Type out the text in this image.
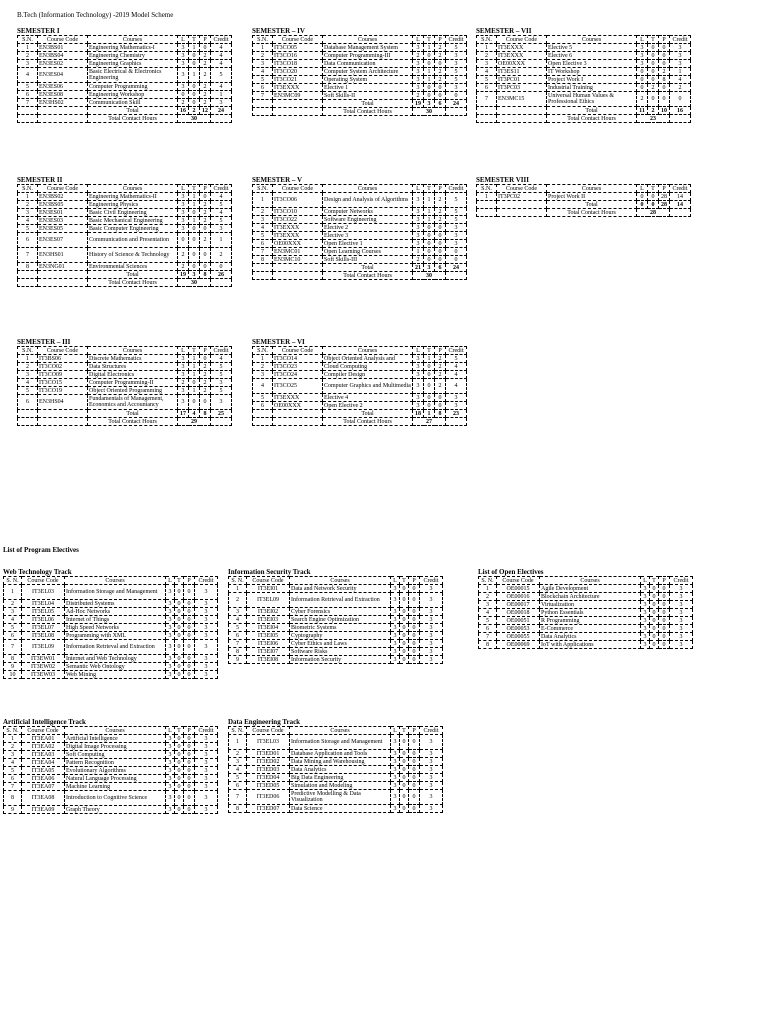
B.Tech (Information Technology) -2019 Model Scheme
SEMESTER I
S.N.	Course Code	Courses	L	T	P	Credit
1	EN3BS01	Engineering Mathematics-I	3	1	0	4
2	EN3BS04	Engineering Chemistry	3	0	2	4
3	EN3ES02	Engineering Graphics	3	0	2	4
4	EN3ES04	Basic Electrical & Electronics Engineering	3	1	2	5
5	EN3ES06	Computer Programming	3	0	2	4
6	EN3ES08	Engineering Workshop	0	0	2	1
7	EN3HS02	Communication Skill	2	0	2	3
		Total	16	2	12	24
		Total Contact Hours	30			
SEMESTER II
S.N.	Course Code	Courses	L	T	P	Credit
1	EN3BS02	Engineering Mathematics-II	3	1	0	4
2	EN3BS05	Engineering Physics	3	1	2	5
3	EN3ES01	Basic Civil Engineering	3	0	2	4
4	EN3ES03	Basic Mechanical Engineering	3	1	2	5
5	EN3ES05	Basic Computer Engineering	3	0	0	3
6	EN3ES07	Communication and Presentation	0	0	2	1
7	EN3HS01	History of Science & Technology	2	0	0	2
8	EN3NG01	Environmental Sciences	2	0	0	0
		Total	19	3	8	26
		Total Contact Hours	30			
SEMESTER – III
S.N.	Course Code	Courses	L	T	P	Credit
1	IT3BS06	Discrete Mathematics	3	1	0	4
2	IT3CO02	Data Structures	3	1	2	5
3	IT3CO09	Digital Electronics	3	1	2	5
4	IT3CO15	Computer Programming-II	2	0	2	3
5	IT3CO19	Object Oriented Programming	3	1	2	5
6	EN3HS04	Fundamentals of Management, Economics and Accountancy	3	0	0	3
		Total	17	4	8	25
		Total Contact Hours	29			
SEMESTER – IV
S.N.	Course Code	Courses	L	T	P	Credit
1	IT3CO05	Database Management System	3	1	2	5
2	IT3CO16	Computer Programming-III	2	0	2	3
3	IT3CO18	Data Communication	3	0	0	3
4	IT3CO20	Computer System Architecture	3	1	2	5
5	IT3CO21	Operating System	3	1	2	5
6	IT3EXXX	Elective 1	3	0	0	3
7	EN3MC09	Soft Skills-II	2	0	0	0
		Total	19	3	6	24
		Total Contact Hours	30			
SEMESTER – V
S.N.	Course Code	Courses	L	T	P	Credit
1	IT3CO06	Design and Analysis of Algorithms	3	1	2	5
2	IT3CO10	Computer Networks	3	1	2	5
3	IT3CO22	Software Engineering	3	1	2	5
4	IT3EXXX	Elective 2	3	0	0	3
5	IT3EXXX	Elective 3	3	0	0	3
6	OE00XXX	Open Elective 1	3	0	0	3
7	EN3MC01	Open Learning Courses	1	0	0	0
8	EN3MC10	Soft Skills-III	2	0	0	0
		Total	21	3	6	24
		Total Contact Hours	30			
SEMESTER – VI
S.N.	Course Code	Courses	L	T	P	Credit
1	IT3CO14	Object Oriented Analysis and	3	1	2	5
2	IT3CO23	Cloud Computing	3	0	2	4
3	IT3CO24	Compiler Design	3	0	2	4
4	IT3CO25	Computer Graphics and Multimedia	3	0	2	4
5	IT3EXXX	Elective 4	3	0	0	3
6	OE00XXX	Open Elective 2	3	0	0	3
		Total	18	1	8	23
		Total Contact Hours	27			
SEMESTER – VII
S.N.	Course Code	Courses	L	T	P	Credit
1	IT3EXXX	Elective 5	3	0	0	3
2	IT3EXXX	Elective 6	3	0	0	3
3	OE00XXX	Open Elective 3	3	0	0	3
4	IT3ES11	IT Workshop	0	0	2	1
5	IT3PC01	Project Work I	0	0	8	4
6	IT3PC03	Industrial Training	0	2	0	2
7	EN3MC15	Universal Human Values & Professional Ethics	2	0	0	0
		Total	11	2	10	16
		Total Contact Hours	23			
SEMESTER VIII
S.N.	Course Code	Courses	L	T	P	Credit
1	IT3PC02	Project Work II	0	0	28	14
		Total	0	0	28	14
		Total Contact Hours	28			
List of Program Electives
Web Technology Track
S. N.	Course Code	Courses	L	T	P	Credit
1	IT3EL03	Information Storage and Management	3	0	0	3
2	IT3EL04	Distributed Systems	3	0	0	3
3	IT3EL05	Ad-Hoc Networks	3	0	0	3
4	IT3EL06	Internet of Things	3	0	0	3
5	IT3EL07	High Speed Networks	3	0	0	3
6	IT3EL08	Programming with XML	3	0	0	3
7	IT3EL09	Information Retrieval and Extraction	3	0	0	3
8	IT3EW01	Internet and Web Technology	3	0	0	3
9	IT3EW02	Semantic Web Ontology	3	0	0	3
10	IT3EW03	Web Mining	3	0	0	3
Information Security Track
S. N.	Course Code	Courses	L	T	P	Credit
1	IT3EI01	Data and Network Security	3	0	0	3
2	IT3EL09	Information Retrieval and Extraction	3	0	0	3
3	IT3EI02	Cyber Forensics	3	0	0	3
4	IT3EI03	Search Engine Optimization	3	0	0	3
5	IT3EI04	Biometric Systems	3	0	0	3
6	IT3EI05	Cyptography	3	0	0	3
7	IT3EI06	Cyber Ethics and Laws	3	0	0	3
8	IT3EI07	Software Risks	3	0	0	3
9	IT3EI08	Information Security	3	0	0	3
List of Open Electives
S. N.	Course Code	Courses	L	T	P	Credit
1	OE00015	Agile Development	3	0	0	3
2	OE00016	Blockchain Architecture	3	0	0	3
3	OE00017	Virtualization	3	0	0	3
4	OE00018	Python Essentials	3	0	0	3
5	OE00051	R Programming	3	0	0	3
6	OE00053	E-Commerce	3	0	0	3
7	OE00055	Data Analytics	3	0	0	3
8	OE00069	IoT with Applications	3	0	0	3
Artificial Intelligence Track
S. N.	Course Code	Courses	L	T	P	Credit
1	IT3EA01	Artificial Intelligence	3	0	0	3
2	IT3EA02	Digital Image Processing	3	0	0	3
3	IT3EA03	Soft Computing	3	0	0	3
4	IT3EA04	Pattern Recognition	3	0	0	3
5	IT3EA05	Evolutionary Algorithms	3	0	0	3
6	IT3EA06	Natural Language Processing	3	0	0	3
7	IT3EA07	Machine Learning	3	0	0	3
8	IT3EA08	Introduction to Cognitive Science	3	0	0	3
9	IT3EA09	Graph Theory	3	0	0	3
Data Engineering Track
S. N.	Course Code	Courses	L	T	P	Credit
1	IT3EL03	Information Storage and Management	3	0	0	3
2	IT3ED01	Database Application and Tools	3	0	0	3
3	IT3ED02	Data Mining and Warehousing	3	0	0	3
4	IT3ED03	Data Analytics	3	0	0	3
5	IT3ED04	Big Data Engineering	3	0	0	3
6	IT3ED05	Simulation and Modeling	3	0	0	3
7	IT3ED06	Predictive Modelling & Data Visualization	3	0	0	3
8	IT3ED07	Data Science	3	0	0	3
